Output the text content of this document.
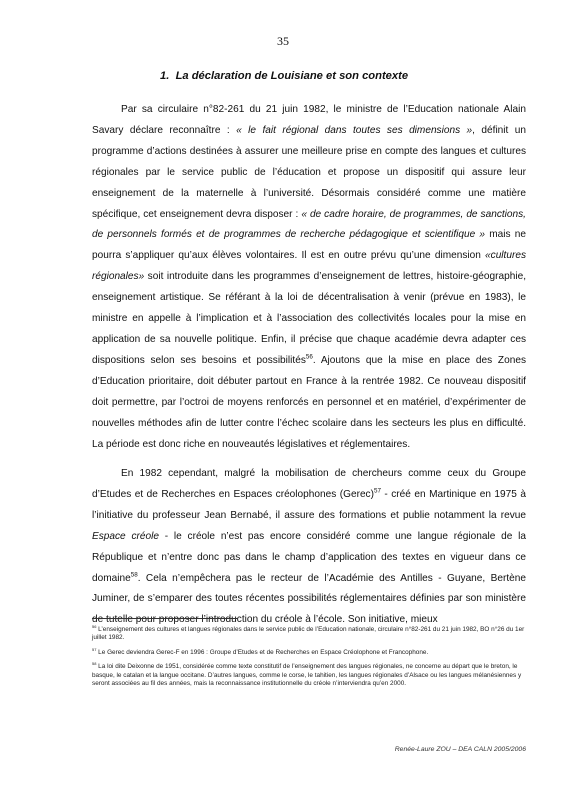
35
1. La déclaration de Louisiane et son contexte

Par sa circulaire n°82-261 du 21 juin 1982, le ministre de l’Education nationale Alain Savary déclare reconnaître : « le fait régional dans toutes ses dimensions », définit un programme d’actions destinées à assurer une meilleure prise en compte des langues et cultures régionales par le service public de l’éducation et propose un dispositif qui assure leur enseignement de la maternelle à l’université. Désormais considéré comme une matière spécifique, cet enseignement devra disposer : « de cadre horaire, de programmes, de sanctions, de personnels formés et de programmes de recherche pédagogique et scientifique » mais ne pourra s’appliquer qu’aux élèves volontaires. Il est en outre prévu qu’une dimension «cultures régionales» soit introduite dans les programmes d’enseignement de lettres, histoire-géographie, enseignement artistique. Se référant à la loi de décentralisation à venir (prévue en 1983), le ministre en appelle à l’implication et à l’association des collectivités locales pour la mise en application de sa nouvelle politique. Enfin, il précise que chaque académie devra adapter ces dispositions selon ses besoins et possibilités$^{56}$. Ajoutons que la mise en place des Zones d’Education prioritaire, doit débuter partout en France à la rentrée 1982. Ce nouveau dispositif doit permettre, par l’octroi de moyens renforcés en personnel et en matériel, d’expérimenter de nouvelles méthodes afin de lutter contre l’échec scolaire dans les secteurs les plus en difficulté. La période est donc riche en nouveautés législatives et réglementaires.

En 1982 cependant, malgré la mobilisation de chercheurs comme ceux du Groupe d’Etudes et de Recherches en Espaces créolophones (Gerec)$^{57}$ - créé en Martinique en 1975 à l’initiative du professeur Jean Bernabé, il assure des formations et publie notamment la revue Espace créole - le créole n’est pas encore considéré comme une langue régionale de la République et n’entre donc pas dans le champ d’application des textes en vigueur dans ce domaine$^{58}$. Cela n’empêchera pas le recteur de l’Académie des Antilles - Guyane, Bertène Juminer, de s’emparer des toutes récentes possibilités réglementaires définies par son ministère de tutelle pour proposer l’introduction du créole à l’école. Son initiative, mieux

$^{56}$ L’enseignement des cultures et langues régionales dans le service public de l’Education nationale, circulaire n°82-261 du 21 juin 1982, BO n°26 du 1er juillet 1982.

$^{57}$ Le Gerec deviendra Gerec-F en 1996 : Groupe d’Etudes et de Recherches en Espace Créolophone et Francophone.

$^{58}$ La loi dite Deixonne de 1951, considérée comme texte constitutif de l’enseignement des langues régionales, ne concerne au départ que le breton, le basque, le catalan et la langue occitane. D’autres langues, comme le corse, le tahitien, les langues régionales d’Alsace ou les langues mélanésiennes y seront associées au fil des années, mais la reconnaissance institutionnelle du créole n’interviendra qu’en 2000.

Renée-Laure ZOU – DEA CALN 2005/2006
